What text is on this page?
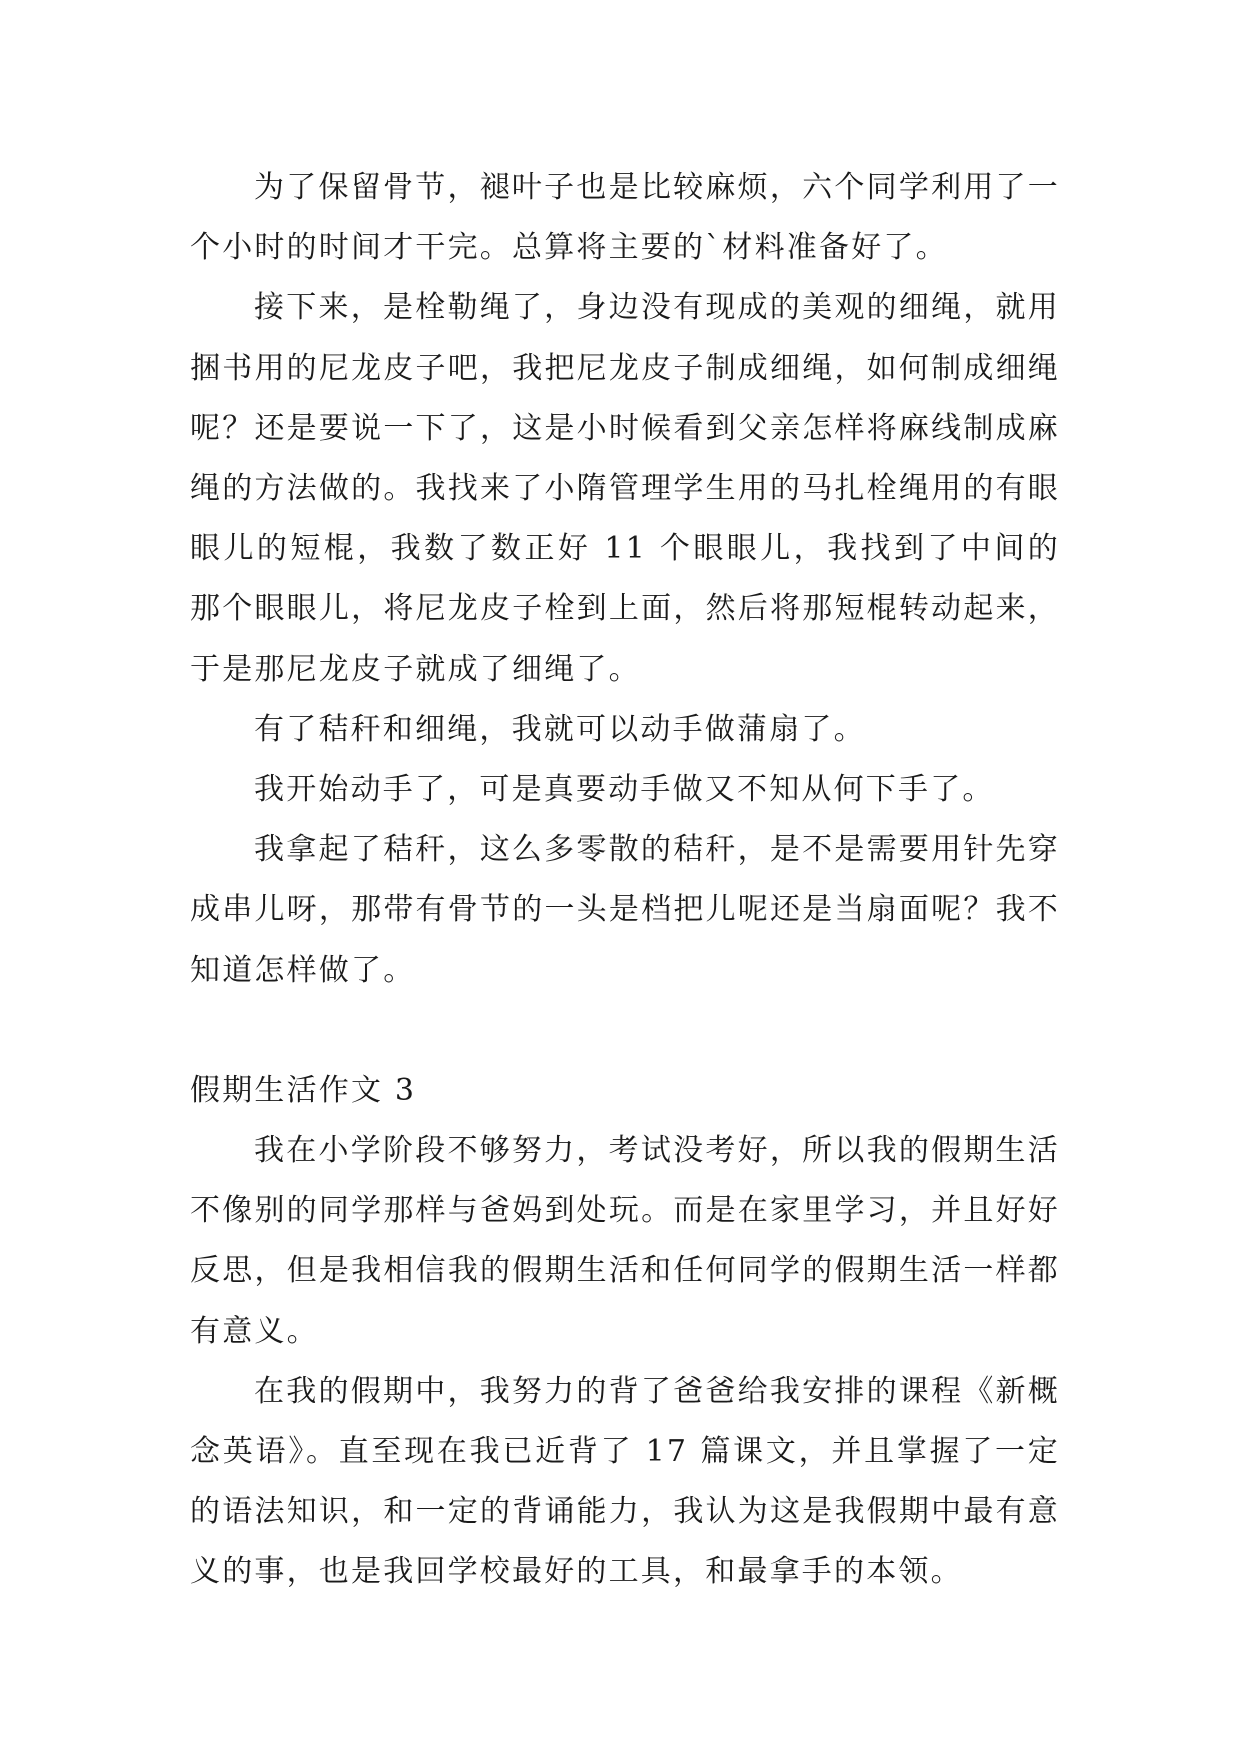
为了保留骨节，褪叶子也是比较麻烦，六个同学利用了一个小时的时间才干完。总算将主要的`材料准备好了。

接下来，是栓勒绳了，身边没有现成的美观的细绳，就用捆书用的尼龙皮子吧，我把尼龙皮子制成细绳，如何制成细绳呢？还是要说一下了，这是小时候看到父亲怎样将麻线制成麻绳的方法做的。我找来了小隋管理学生用的马扎栓绳用的有眼眼儿的短棍，我数了数正好 11 个眼眼儿，我找到了中间的那个眼眼儿，将尼龙皮子栓到上面，然后将那短棍转动起来，于是那尼龙皮子就成了细绳了。

有了秸秆和细绳，我就可以动手做蒲扇了。

我开始动手了，可是真要动手做又不知从何下手了。

我拿起了秸秆，这么多零散的秸秆，是不是需要用针先穿成串儿呀，那带有骨节的一头是档把儿呢还是当扇面呢？我不知道怎样做了。

假期生活作文 3

我在小学阶段不够努力，考试没考好，所以我的假期生活不像别的同学那样与爸妈到处玩。而是在家里学习，并且好好反思，但是我相信我的假期生活和任何同学的假期生活一样都有意义。

在我的假期中，我努力的背了爸爸给我安排的课程《新概念英语》。直至现在我已近背了 17 篇课文，并且掌握了一定的语法知识，和一定的背诵能力，我认为这是我假期中最有意义的事，也是我回学校最好的工具，和最拿手的本领。
